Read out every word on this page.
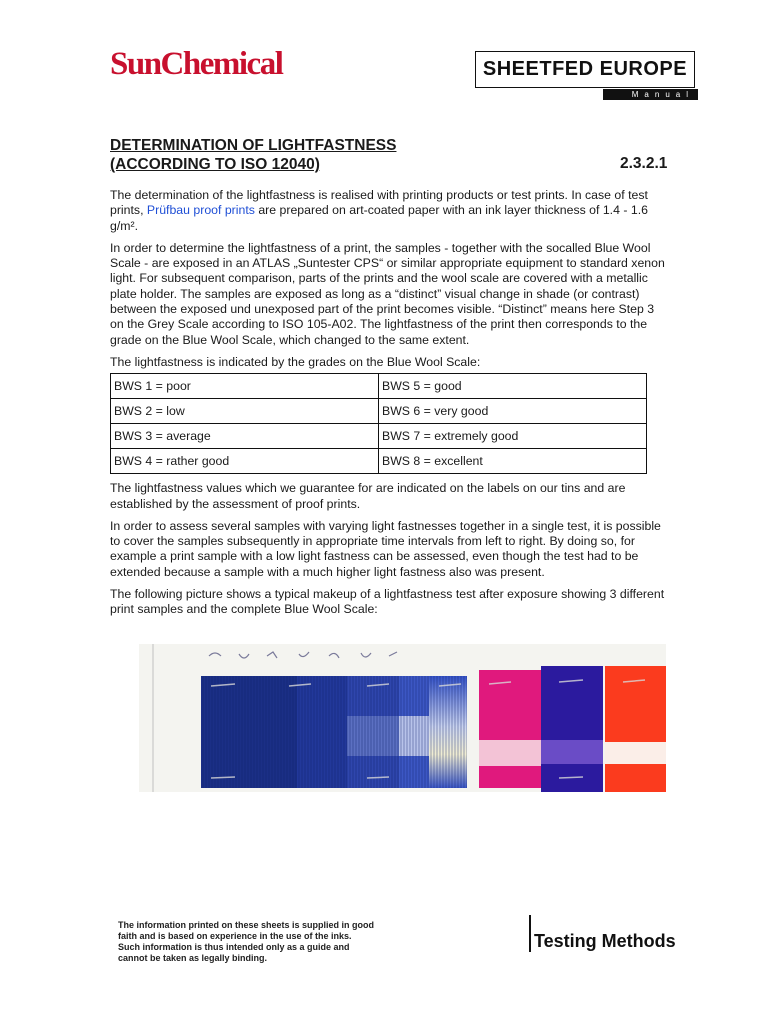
SunChemical	SHEETFED EUROPE
Manual
DETERMINATION OF LIGHTFASTNESS
(ACCORDING TO ISO 12040)	2.3.2.1

The determination of the lightfastness is realised with printing products or test prints. In case of test prints, Prüfbau proof prints are prepared on art-coated paper with an ink layer thickness of 1.4 - 1.6 g/m².

In order to determine the lightfastness of a print, the samples - together with the socalled Blue Wool Scale - are exposed in an ATLAS „Suntester CPS“ or similar appropriate equipment to standard xenon light. For subsequent comparison, parts of the prints and the wool scale are covered with a metallic plate holder. The samples are exposed as long as a “distinct” visual change in shade (or contrast) between the exposed und unexposed part of the print becomes visible. “Distinct” means here Step 3 on the Grey Scale according to ISO 105-A02. The lightfastness of the print then corresponds to the grade on the Blue Wool Scale, which changed to the same extent.

The lightfastness is indicated by the grades on the Blue Wool Scale:

BWS 1 = poor	BWS 5 = good
BWS 2 = low	BWS 6 = very good
BWS 3 = average	BWS 7 = extremely good
BWS 4 = rather good	BWS 8 = excellent

The lightfastness values which we guarantee for are indicated on the labels on our tins and are established by the assessment of proof prints.

In order to assess several samples with varying light fastnesses together in a single test, it is possible to cover the samples subsequently in appropriate time intervals from left to right. By doing so, for example a print sample with a low light fastness can be assessed, even though the test had to be extended because a sample with a much higher light fastness also was present.

The following picture shows a typical makeup of a lightfastness test after exposure showing 3 different print samples and the complete Blue Wool Scale:

The information printed on these sheets is supplied in good
faith and is based on experience in the use of the inks.
Such information is thus intended only as a guide and
cannot be taken as legally binding.
Testing Methods
